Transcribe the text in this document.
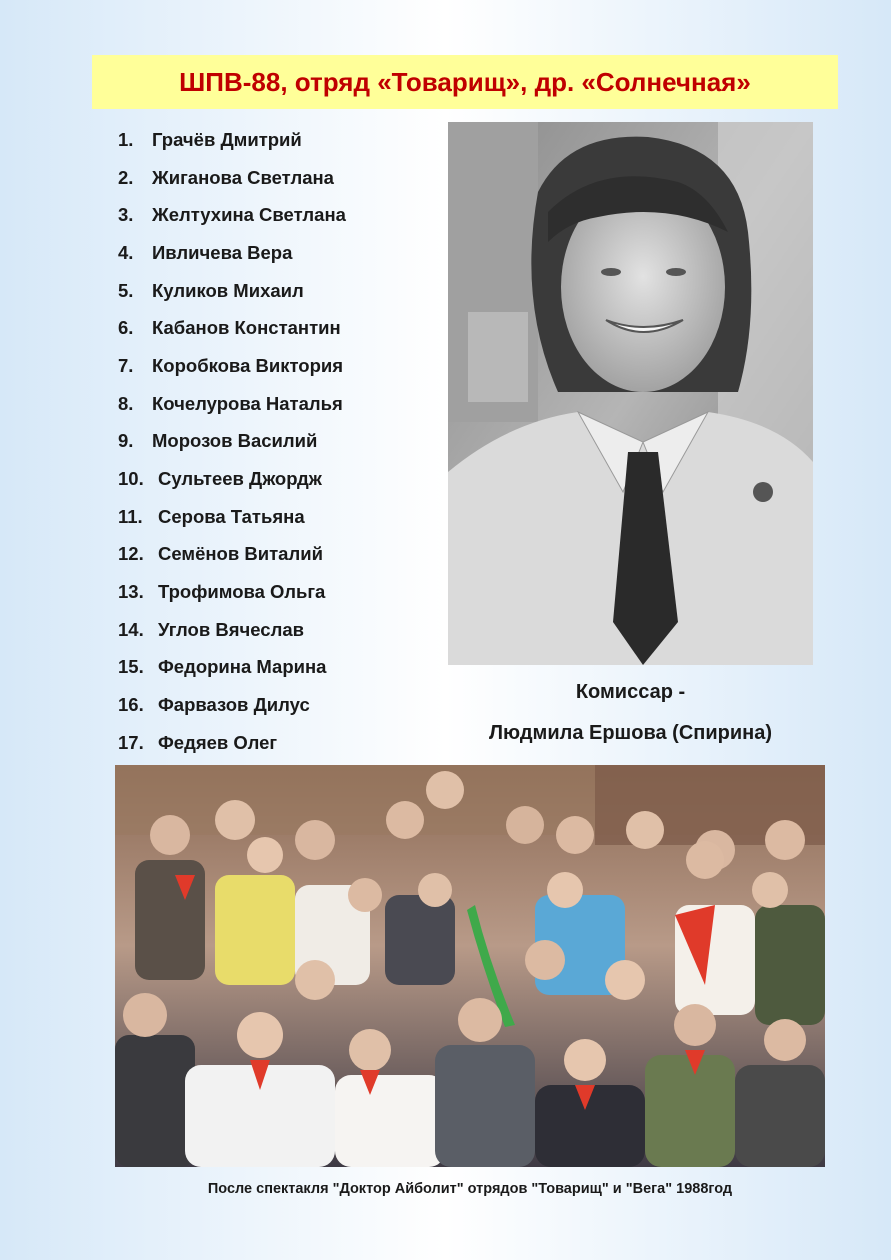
ШПВ-88, отряд «Товарищ», др. «Солнечная»
1.	Грачёв Дмитрий
2.	Жиганова Светлана
3.	Желтухина Светлана
4.	Ивличева Вера
5.	Куликов Михаил
6.	Кабанов Константин
7.	Коробкова Виктория
8.	Кочелурова Наталья
9.	Морозов Василий
10. Сультеев Джордж
11. Серова Татьяна
12. Семёнов Виталий
13. Трофимова Ольга
14. Углов Вячеслав
15. Федорина Марина
16. Фарвазов Дилус
17. Федяев Олег
Комиссар -
Людмила Ершова (Спирина)
После спектакля "Доктор Айболит" отрядов "Товарищ" и "Вега" 1988год
